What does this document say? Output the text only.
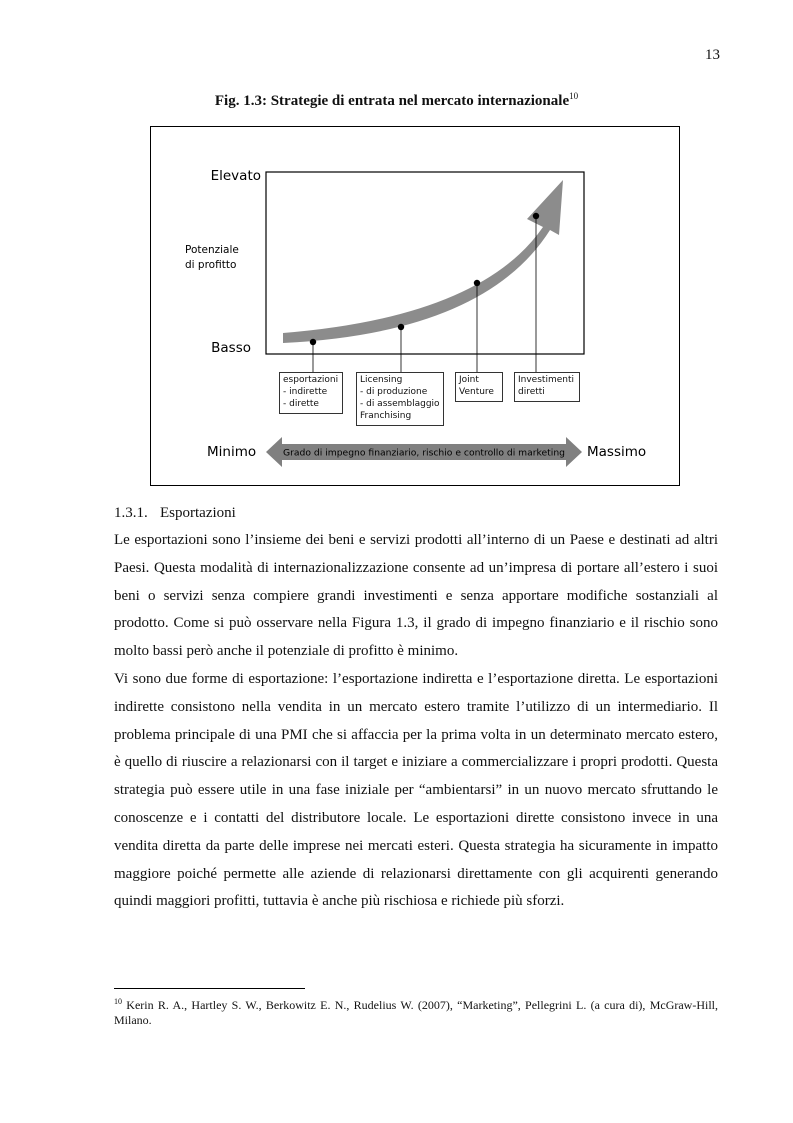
13
Fig. 1.3: Strategie di entrata nel mercato internazionale$^{10}$
Grado di impegno finanziario, rischio e controllo di marketing
Elevato
Potenziale
di profitto
Basso
Minimo	Massimo
esportazioni
- indirette
- dirette
Licensing
- di produzione
- di assemblaggio
Franchising
Joint
Venture
Investimenti
diretti
1.3.1. Esportazioni

Le esportazioni sono l’insieme dei beni e servizi prodotti all’interno di un Paese e destinati ad altri Paesi. Questa modalità di internazionalizzazione consente ad un’impresa di portare all’estero i suoi beni o servizi senza compiere grandi investimenti e senza apportare modifiche sostanziali al prodotto. Come si può osservare nella Figura 1.3, il grado di impegno finanziario e il rischio sono molto bassi però anche il potenziale di profitto è minimo.

Vi sono due forme di esportazione: l’esportazione indiretta e l’esportazione diretta. Le esportazioni indirette consistono nella vendita in un mercato estero tramite l’utilizzo di un intermediario. Il problema principale di una PMI che si affaccia per la prima volta in un determinato mercato estero, è quello di riuscire a relazionarsi con il target e iniziare a commercializzare i propri prodotti. Questa strategia può essere utile in una fase iniziale per “ambientarsi” in un nuovo mercato sfruttando le conoscenze e i contatti del distributore locale. Le esportazioni dirette consistono invece in una vendita diretta da parte delle imprese nei mercati esteri. Questa strategia ha sicuramente in impatto maggiore poiché permette alle aziende di relazionarsi direttamente con gli acquirenti generando quindi maggiori profitti, tuttavia è anche più rischiosa e richiede più sforzi.

$^{10}$ Kerin R. A., Hartley S. W., Berkowitz E. N., Rudelius W. (2007), “Marketing”, Pellegrini L. (a cura di), McGraw-Hill, Milano.
